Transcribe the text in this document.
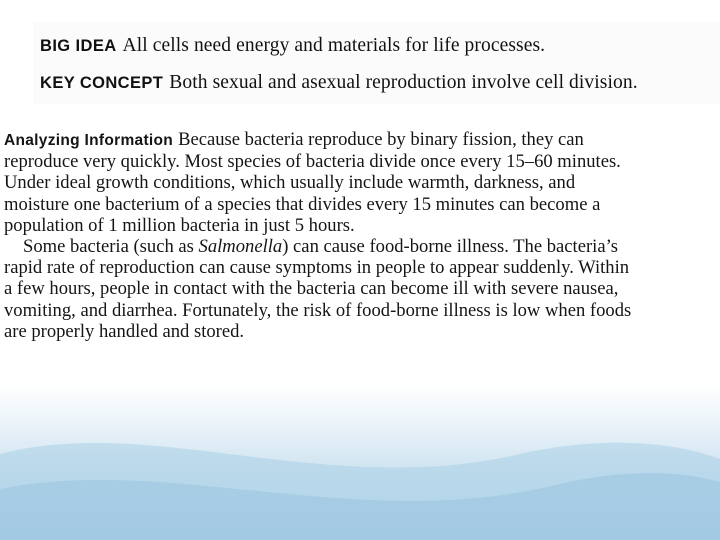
BIG IDEA All cells need energy and materials for life processes.

KEY CONCEPT Both sexual and asexual reproduction involve cell division.

Analyzing Information Because bacteria reproduce by binary fission, they can
reproduce very quickly. Most species of bacteria divide once every 15–60 minutes.
Under ideal growth conditions, which usually include warmth, darkness, and
moisture one bacterium of a species that divides every 15 minutes can become a
population of 1 million bacteria in just 5 hours.

Some bacteria (such as Salmonella) can cause food-borne illness. The bacteria’s
rapid rate of reproduction can cause symptoms in people to appear suddenly. Within
a few hours, people in contact with the bacteria can become ill with severe nausea,
vomiting, and diarrhea. Fortunately, the risk of food-borne illness is low when foods
are properly handled and stored.
